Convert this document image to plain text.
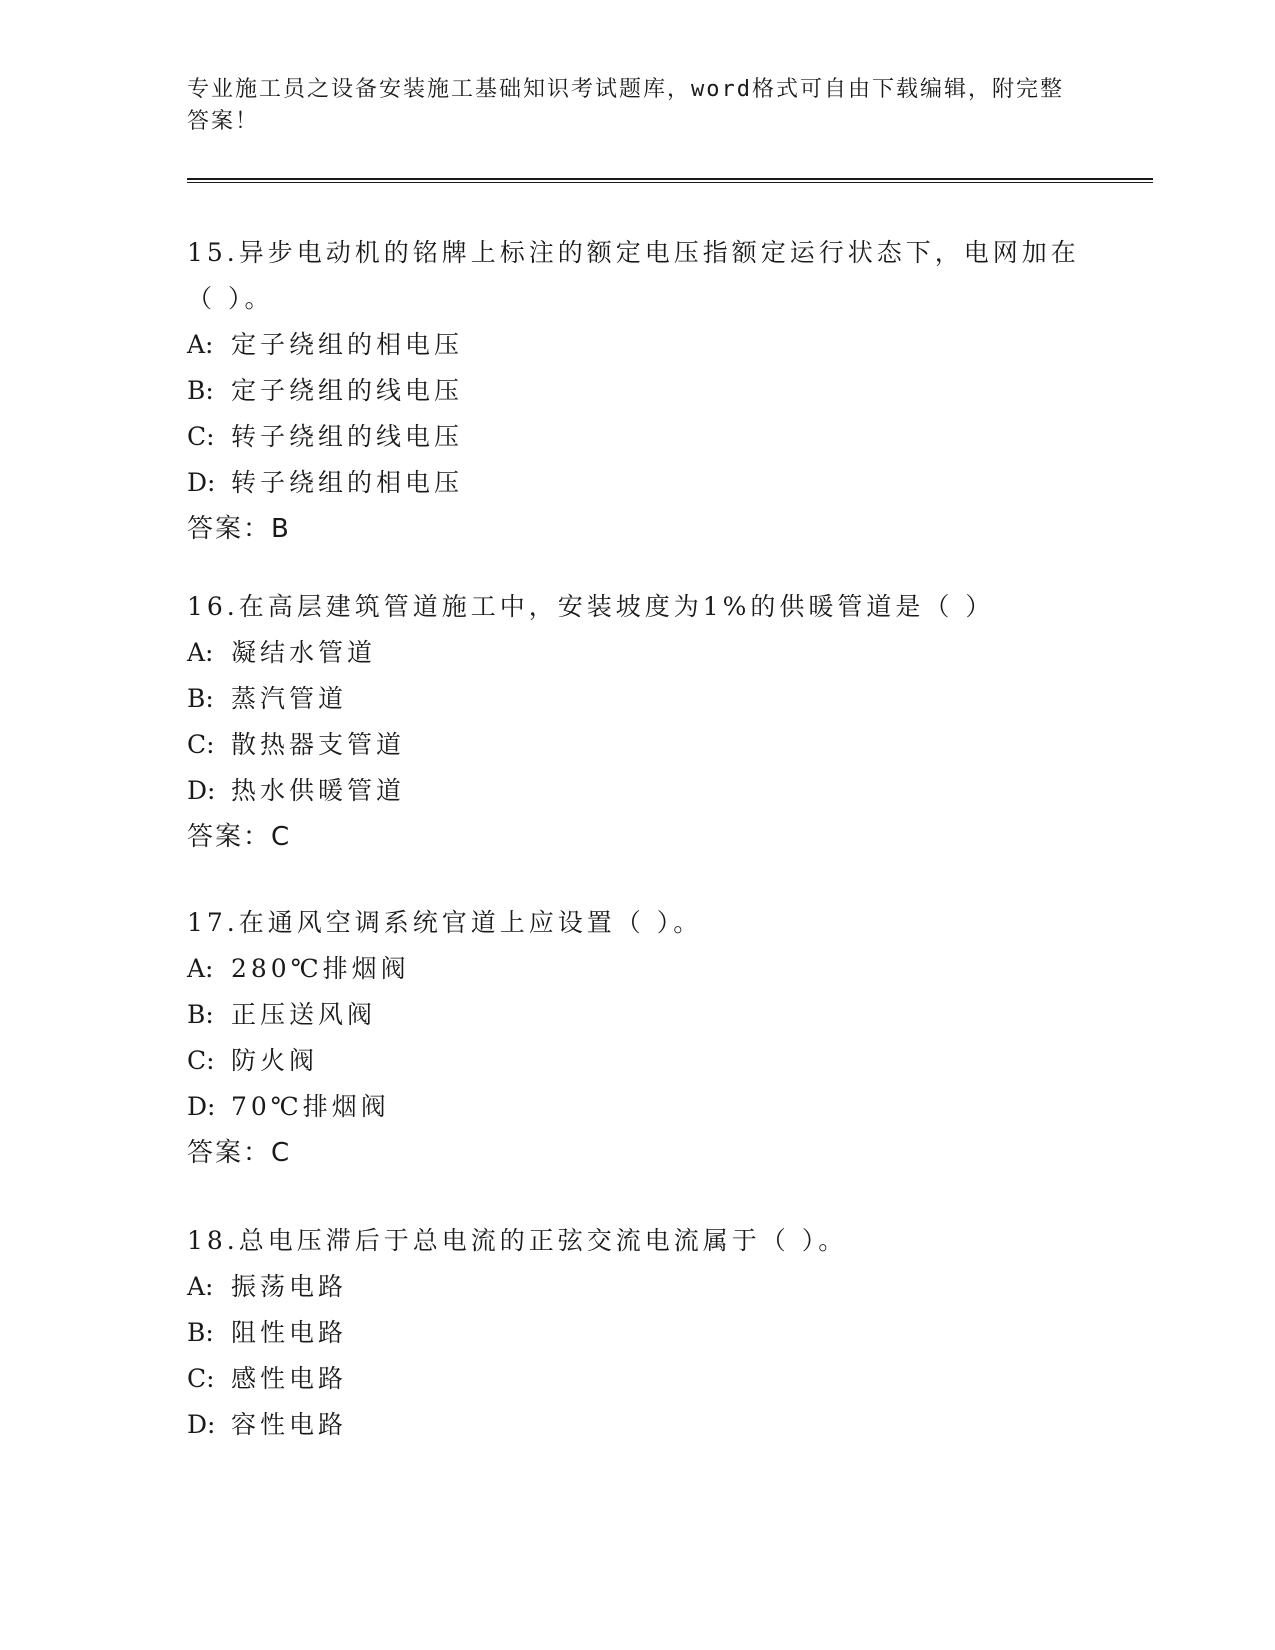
专业施工员之设备安装施工基础知识考试题库，word格式可自由下载编辑，附完整答案！
15.异步电动机的铭牌上标注的额定电压指额定运行状态下，电网加在（ ）。
A: 定子绕组的相电压
B: 定子绕组的线电压
C: 转子绕组的线电压
D: 转子绕组的相电压
答案：B
16.在高层建筑管道施工中，安装坡度为1%的供暖管道是（ ）
A: 凝结水管道
B: 蒸汽管道
C: 散热器支管道
D: 热水供暖管道
答案：C
17.在通风空调系统官道上应设置（ ）。
A: 280℃排烟阀
B: 正压送风阀
C: 防火阀
D: 70℃排烟阀
答案：C
18.总电压滞后于总电流的正弦交流电流属于（ ）。
A: 振荡电路
B: 阻性电路
C: 感性电路
D: 容性电路
